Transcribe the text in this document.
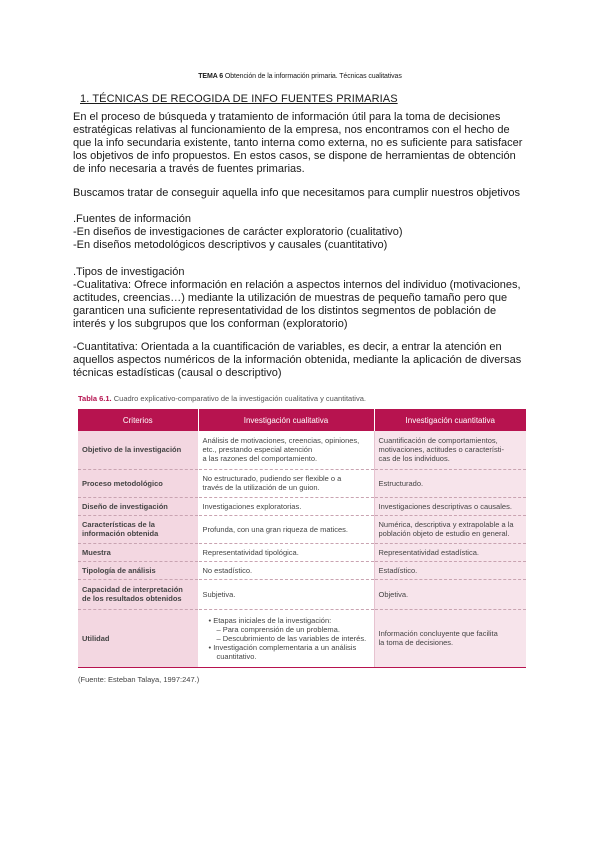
TEMA 6 Obtención de la información primaria. Técnicas cualitativas
1. TÉCNICAS DE RECOGIDA DE INFO FUENTES PRIMARIAS
En el proceso de búsqueda y tratamiento de información útil para la toma de decisiones
estratégicas relativas al funcionamiento de la empresa, nos encontramos con el hecho de
que la info secundaria existente, tanto interna como externa, no es suficiente para satisfacer
los objetivos de info propuestos. En estos casos, se dispone de herramientas de obtención
de info necesaria a través de fuentes primarias.
Buscamos tratar de conseguir aquella info que necesitamos para cumplir nuestros objetivos
.Fuentes de información
-En diseños de investigaciones de carácter exploratorio (cualitativo)
-En diseños metodológicos descriptivos y causales (cuantitativo)
.Tipos de investigación
-Cualitativa: Ofrece información en relación a aspectos internos del individuo (motivaciones,
actitudes, creencias…) mediante la utilización de muestras de pequeño tamaño pero que
garanticen una suficiente representatividad de los distintos segmentos de población de
interés y los subgrupos que los conforman (exploratorio)
-Cuantitativa: Orientada a la cuantificación de variables, es decir, a entrar la atención en
aquellos aspectos numéricos de la información obtenida, mediante la aplicación de diversas
técnicas estadísticas (causal o descriptivo)
Tabla 6.1. Cuadro explicativo-comparativo de la investigación cualitativa y cuantitativa.
Criterios	Investigación cualitativa	Investigación cuantitativa
Objetivo de la investigación	Análisis de motivaciones, creencias, opiniones,
etc., prestando especial atención
a las razones del comportamiento.	Cuantificación de comportamientos,
motivaciones, actitudes o característi-
cas de los individuos.

Proceso metodológico	No estructurado, pudiendo ser flexible o a
través de la utilización de un guion.	Estructurado.

Diseño de investigación	Investigaciones exploratorias.	Investigaciones descriptivas o causales.

Características de la información obtenida	Profunda, con una gran riqueza de matices.	Numérica, descriptiva y extrapolable a la
población objeto de estudio en general.

Muestra	Representatividad tipológica.	Representatividad estadística.

Tipología de análisis	No estadístico.	Estadístico.

Capacidad de interpretación de los resultados obtenidos	Subjetiva.	Objetiva.

Utilidad	• Etapas iniciales de la investigación:
– Para comprensión de un problema.
– Descubrimiento de las variables de interés.
• Investigación complementaria a un análisis
cuantitativo.	Información concluyente que facilita
la toma de decisiones.
(Fuente: Esteban Talaya, 1997:247.)
